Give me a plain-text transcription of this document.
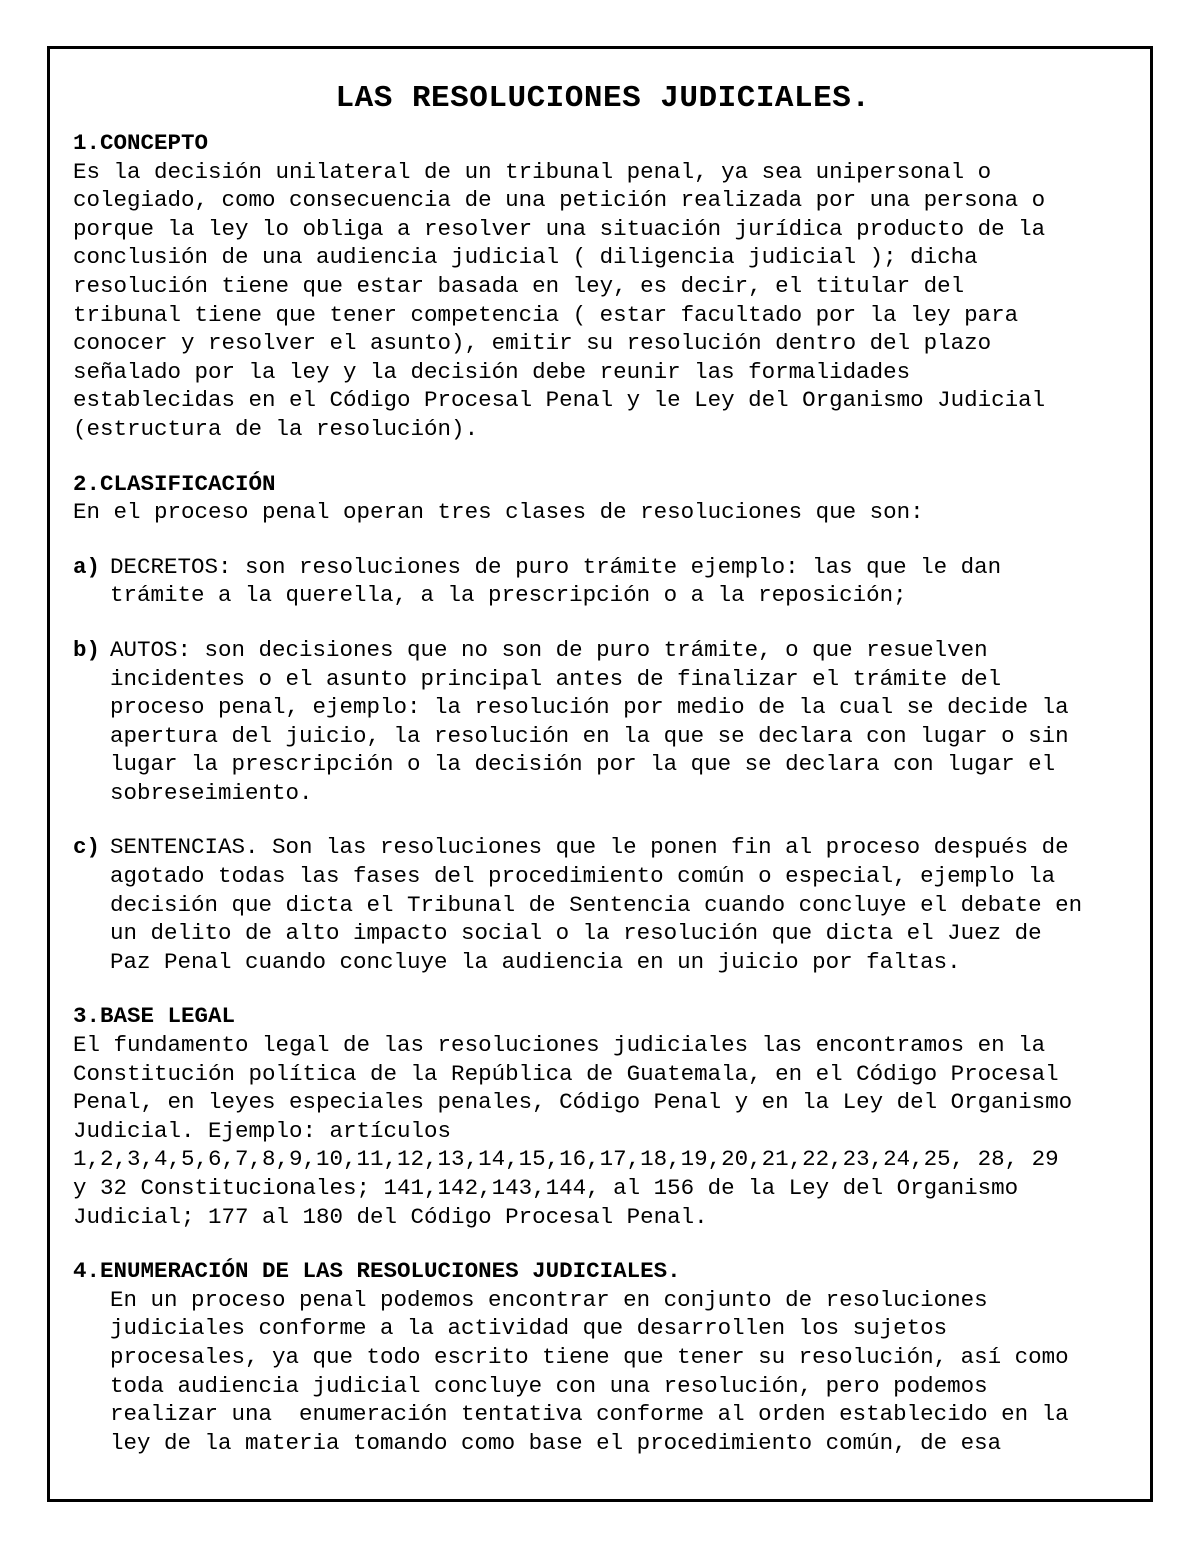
LAS RESOLUCIONES JUDICIALES.

1.CONCEPTO

Es la decisión unilateral de un tribunal penal, ya sea unipersonal o
colegiado, como consecuencia de una petición realizada por una persona o
porque la ley lo obliga a resolver una situación jurídica producto de la
conclusión de una audiencia judicial ( diligencia judicial ); dicha
resolución tiene que estar basada en ley, es decir, el titular del
tribunal tiene que tener competencia ( estar facultado por la ley para
conocer y resolver el asunto), emitir su resolución dentro del plazo
señalado por la ley y la decisión debe reunir las formalidades
establecidas en el Código Procesal Penal y le Ley del Organismo Judicial
(estructura de la resolución).

2.CLASIFICACIÓN

En el proceso penal operan tres clases de resoluciones que son:

a) DECRETOS: son resoluciones de puro trámite ejemplo: las que le dan
trámite a la querella, a la prescripción o a la reposición;
b) AUTOS: son decisiones que no son de puro trámite, o que resuelven
incidentes o el asunto principal antes de finalizar el trámite del
proceso penal, ejemplo: la resolución por medio de la cual se decide la
apertura del juicio, la resolución en la que se declara con lugar o sin
lugar la prescripción o la decisión por la que se declara con lugar el
sobreseimiento.
c) SENTENCIAS. Son las resoluciones que le ponen fin al proceso después de
agotado todas las fases del procedimiento común o especial, ejemplo la
decisión que dicta el Tribunal de Sentencia cuando concluye el debate en
un delito de alto impacto social o la resolución que dicta el Juez de
Paz Penal cuando concluye la audiencia en un juicio por faltas.

3.BASE LEGAL

El fundamento legal de las resoluciones judiciales las encontramos en la
Constitución política de la República de Guatemala, en el Código Procesal
Penal, en leyes especiales penales, Código Penal y en la Ley del Organismo
Judicial. Ejemplo: artículos
1,2,3,4,5,6,7,8,9,10,11,12,13,14,15,16,17,18,19,20,21,22,23,24,25, 28, 29
y 32 Constitucionales; 141,142,143,144, al 156 de la Ley del Organismo
Judicial; 177 al 180 del Código Procesal Penal.

4.ENUMERACIÓN DE LAS RESOLUCIONES JUDICIALES.

En un proceso penal podemos encontrar en conjunto de resoluciones
judiciales conforme a la actividad que desarrollen los sujetos
procesales, ya que todo escrito tiene que tener su resolución, así como
toda audiencia judicial concluye con una resolución, pero podemos
realizar una  enumeración tentativa conforme al orden establecido en la
ley de la materia tomando como base el procedimiento común, de esa
